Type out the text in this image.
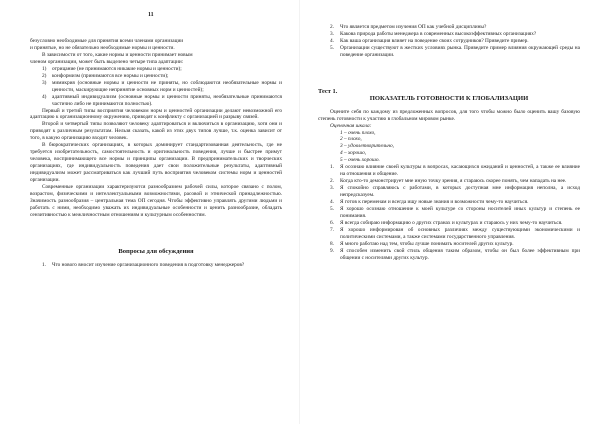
11

безусловно необходимые для принятия всеми членами организации

и принятые, но не обязательно необходимые нормы и ценности.

В зависимости от того, какие нормы и ценности принимает новым

членом организации, может быть выделено четыре типа адаптации:

1) отрицание (не принимаются никакие нормы и ценности);

2) конформизм (принимаются все нормы и ценности);

3) мимикрия (основные нормы и ценности не приняты, но соблюдаются необязательные нормы и ценности, маскирующие непринятие основных норм и ценностей);

4) адаптивный индивидуализм (основные нормы и ценности приняты, необязательные принимаются частично либо не принимаются полностью).

Первый и третий типы восприятия человеком норм и ценностей организации делают невозможной его адаптацию к организационному окружению, приводят к конфликту с организацией и разрыву связей.

Второй и четвертый типы позволяют человеку адаптироваться и включиться в организацию, хотя они и приводят к различным результатам. Нельзя сказать, какой из этих двух типов лучше, т.к. оценка зависит от того, в какую организацию входит человек.

В бюрократических организациях, в которых доминирует стандартизованная деятельность, где не требуется изобретательность, самостоятельность и оригинальность поведения, лучше и быстрее примут человека, воспринимающего все нормы и принципы организации. В предпринимательских и творческих организациях, где индивидуальность поведения дает свои положительные результаты, адаптивный индивидуализм может рассматриваться как лучший путь восприятия человеком системы норм и ценностей организации.

Современные организации характеризуются разнообразием рабочей силы, которое связано с полом, возрастом, физическими и интеллектуальными возможностями, расовой и этнической принадлежностью. Значимость разнообразия – центральная тема ОП сегодня. Чтобы эффективно управлять другими людьми и работать с ними, необходимо уважать их индивидуальные особенности и ценить разнообразие, обладать сензитивностью к межличностным отношениям и культурным особенностям.

Вопросы для обсуждения

1. Что нового вносит изучение организационного поведения в подготовку менеджеров?

2. Что является предметом изучения ОП как учебной дисциплины?

3. Какова природа работы менеджера в современных высокоэффективных организациях?

4. Как ваша организация влияет на поведение своих сотрудников? Приведите пример.

5. Организации существуют в жестких условиях рынка. Приведите пример влияния окружающей среды на поведение организации.

Тест 1.

ПОКАЗАТЕЛЬ ГОТОВНОСТИ К ГЛОБАЛИЗАЦИИ

Оцените себя по каждому из предложенных вопросов, для того чтобы можно было оценить вашу базовую степень готовности к участию в глобальном мировом рынке.

Оценочная шкала:

1 – очень плохо,

2 – плохо,

3 – удовлетворительно,

4 – хорошо,

5 – очень хорошо.

1. Я осознаю влияние своей культуры в вопросах, касающихся ожиданий и ценностей, а также ее влияние на отношения и общение.

2. Когда кто-то демонстрирует мне иную точку зрения, я стараюсь скорее понять, чем нападать на нее.

3. Я спокойно справляюсь с работами, в которых доступная мне информация неполна, а исход непредсказуем.

4. Я готов к переменам и всегда ищу новые знания и возможности чему-то научиться.

5. Я хорошо осознаю отношение к моей культуре со стороны носителей иных культур и степень ее понимания.

6. Я всегда собираю информацию о других странах и культурах и стараюсь у них чему-то научиться.

7. Я хорошо информирован об основных различиях между существующими экономическими и политическими системами, а также системами государственного управления.

8. Я много работаю над тем, чтобы лучше понимать носителей других культур.

9. Я способен изменить свой стиль общения таким образом, чтобы он был более эффективным при общении с носителями других культур.
